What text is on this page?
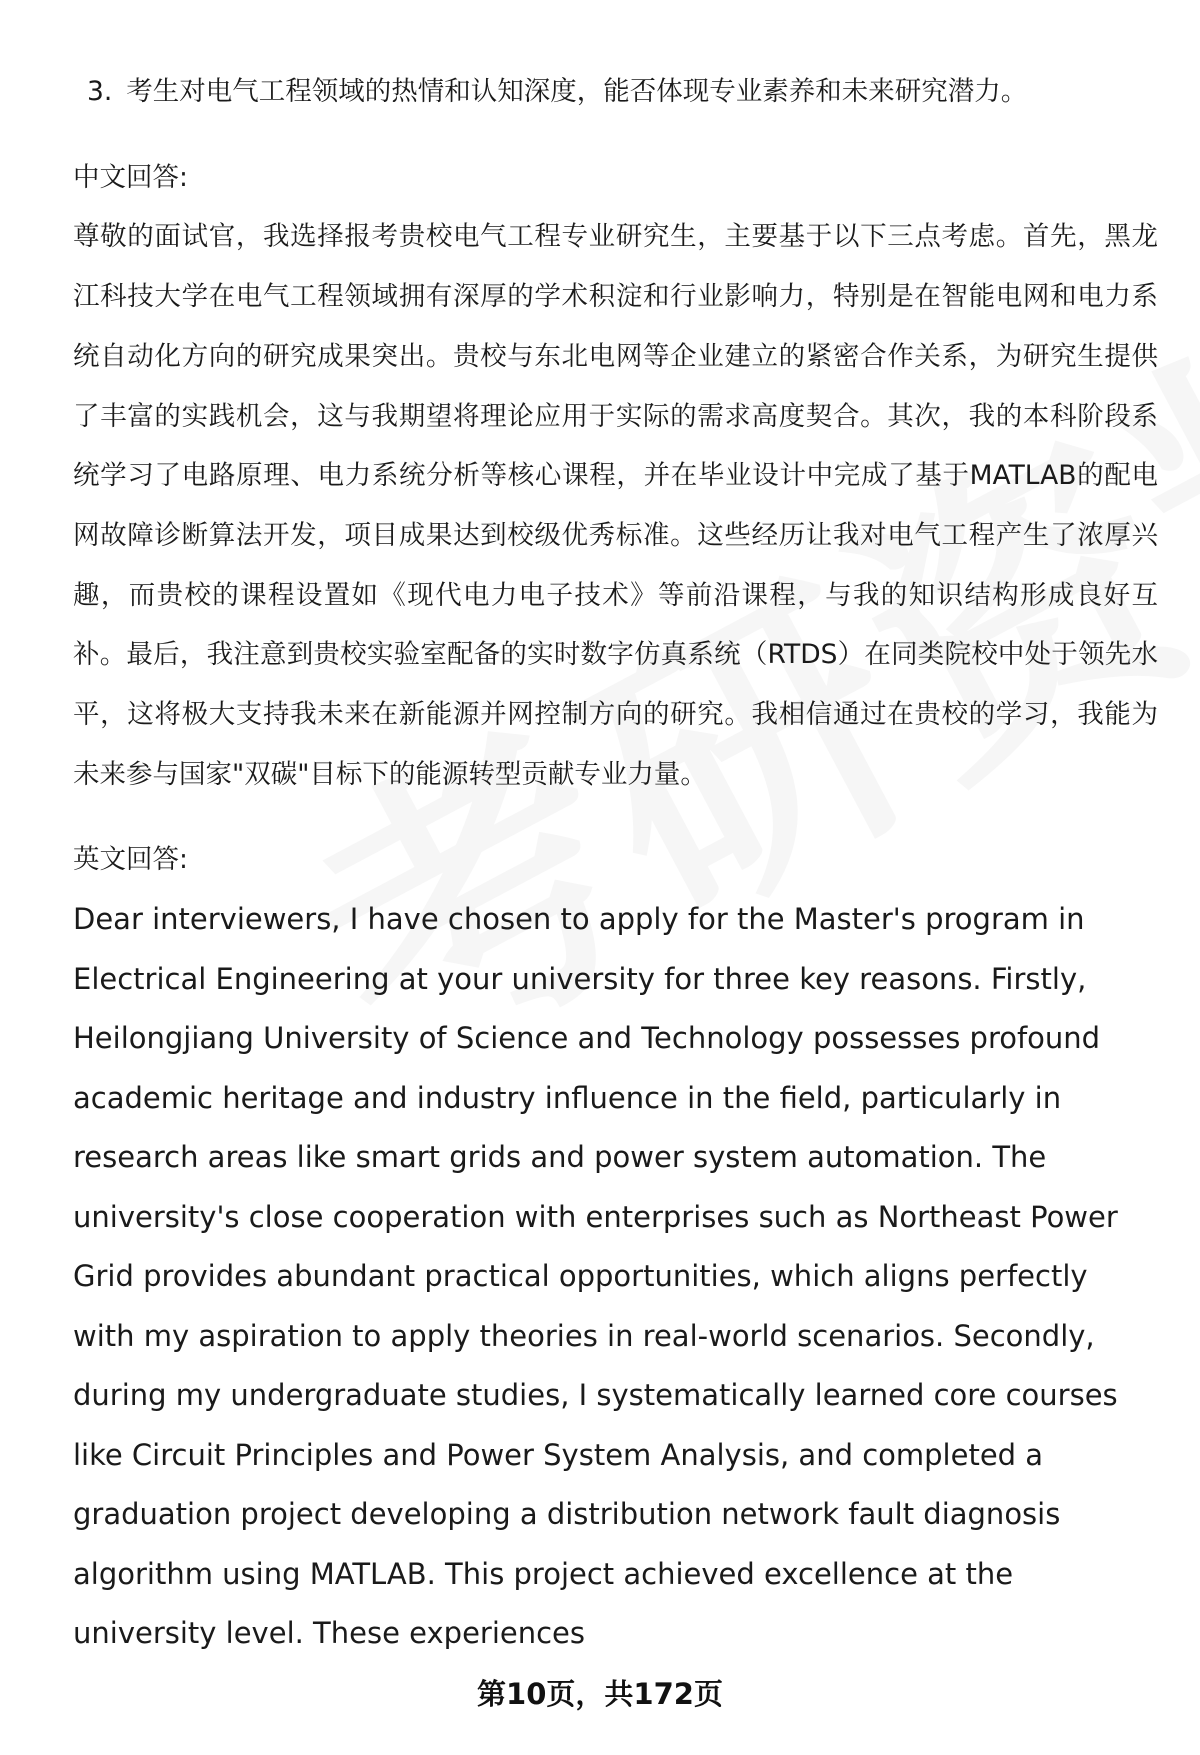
3. 考生对电气工程领域的热情和认知深度，能否体现专业素养和未来研究潜力。

中文回答:

尊敬的面试官，我选择报考贵校电气工程专业研究生，主要基于以下三点考虑。首先，黑龙江科技大学在电气工程领域拥有深厚的学术积淀和行业影响力，特别是在智能电网和电力系统自动化方向的研究成果突出。贵校与东北电网等企业建立的紧密合作关系，为研究生提供了丰富的实践机会，这与我期望将理论应用于实际的需求高度契合。其次，我的本科阶段系统学习了电路原理、电力系统分析等核心课程，并在毕业设计中完成了基于MATLAB的配电网故障诊断算法开发，项目成果达到校级优秀标准。这些经历让我对电气工程产生了浓厚兴趣，而贵校的课程设置如《现代电力电子技术》等前沿课程，与我的知识结构形成良好互补。最后，我注意到贵校实验室配备的实时数字仿真系统（RTDS）在同类院校中处于领先水平，这将极大支持我未来在新能源并网控制方向的研究。我相信通过在贵校的学习，我能为未来参与国家"双碳"目标下的能源转型贡献专业力量。

英文回答:

Dear interviewers, I have chosen to apply for the Master's program in Electrical Engineering at your university for three key reasons. Firstly, Heilongjiang University of Science and Technology possesses profound academic heritage and industry influence in the field, particularly in research areas like smart grids and power system automation. The university's close cooperation with enterprises such as Northeast Power Grid provides abundant practical opportunities, which aligns perfectly with my aspiration to apply theories in real-world scenarios. Secondly, during my undergraduate studies, I systematically learned core courses like Circuit Principles and Power System Analysis, and completed a graduation project developing a distribution network fault diagnosis algorithm using MATLAB. This project achieved excellence at the university level. These experiences

第10页，共172页
